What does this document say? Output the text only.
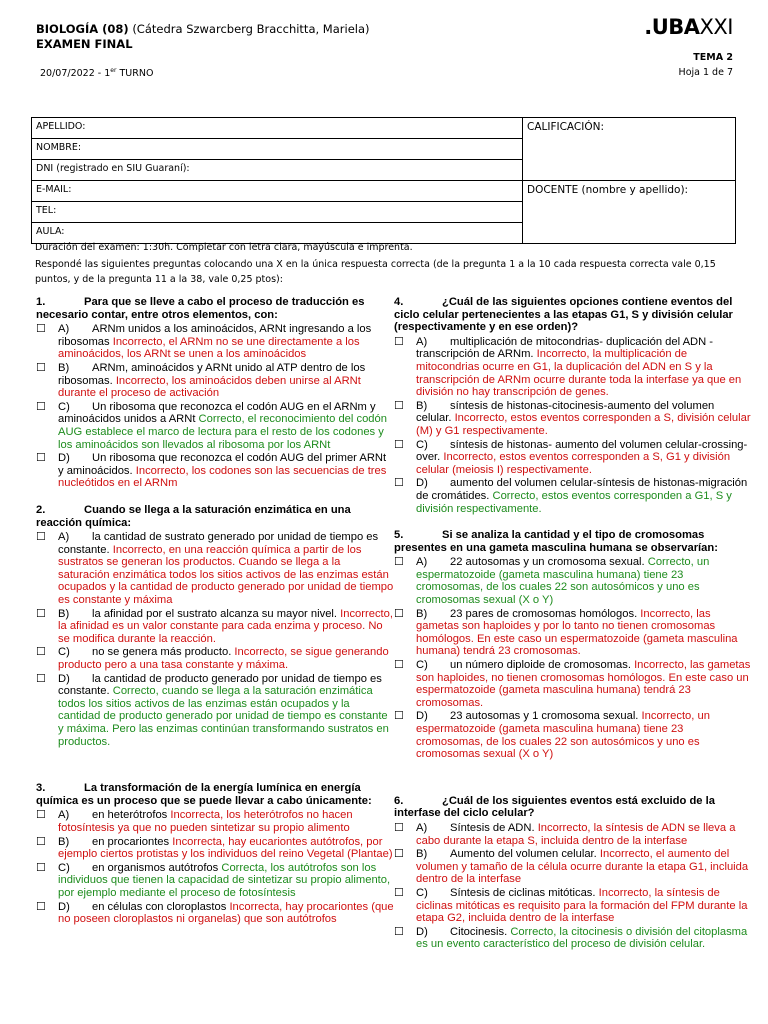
BIOLOGÍA (08) (Cátedra Szwarcberg Bracchitta, Mariela)
EXAMEN FINAL
.UBAXXI
TEMA 2
20/07/2022 - 1er TURNO	Hoja 1 de 7
APELLIDO:	CALIFICACIÓN:
NOMBRE:	
DNI (registrado en SIU Guaraní):	
E-MAIL:	DOCENTE (nombre y apellido):
TEL:	
AULA:	
Duración del examen: 1:30h. Completar con letra clara, mayúscula e imprenta.
Respondé las siguientes preguntas colocando una X en la única respuesta correcta (de la pregunta 1 a la 10 cada respuesta correcta vale 0,15 puntos, y de la pregunta 11 a la 38, vale 0,25 ptos):
1.	Para que se lleve a cabo el proceso de traducción es necesario contar, entre otros elementos, con:
☐ A) ARNm unidos a los aminoácidos, ARNt ingresando a los ribosomas Incorrecto, el ARNm no se une directamente a los aminoácidos, los ARNt se unen a los aminoácidos
☐ B) ARNm, aminoácidos y ARNt unido al ATP dentro de los ribosomas. Incorrecto, los aminoácidos deben unirse al ARNt durante el proceso de activación
☐ C) Un ribosoma que reconozca el codón AUG en el ARNm y aminoácidos unidos a ARNt Correcto, el reconocimiento del codón AUG establece el marco de lectura para el resto de los codones y los aminoácidos son llevados al ribosoma por los ARNt
☐ D) Un ribosoma que reconozca el codón AUG del primer ARNt y aminoácidos. Incorrecto, los codones son las secuencias de tres nucleótidos en el ARNm
2.	Cuando se llega a la saturación enzimática en una reacción química:
☐ A) la cantidad de sustrato generado por unidad de tiempo es constante. Incorrecto, en una reacción química a partir de los sustratos se generan los productos. Cuando se llega a la saturación enzimática todos los sitios activos de las enzimas están ocupados y la cantidad de producto generado por unidad de tiempo es constante y máxima
☐ B) la afinidad por el sustrato alcanza su mayor nivel. Incorrecto, la afinidad es un valor constante para cada enzima y proceso. No se modifica durante la reacción.
☐ C) no se genera más producto. Incorrecto, se sigue generando producto pero a una tasa constante y máxima.
☐ D) la cantidad de producto generado por unidad de tiempo es constante. Correcto, cuando se llega a la saturación enzimática todos los sitios activos de las enzimas están ocupados y la cantidad de producto generado por unidad de tiempo es constante y máxima. Pero las enzimas continúan transformando sustratos en productos.
3.	La transformación de la energía lumínica en energía química es un proceso que se puede llevar a cabo únicamente:
☐ A) en heterótrofos Incorrecta, los heterótrofos no hacen fotosíntesis ya que no pueden sintetizar su propio alimento
☐ B) en procariontes Incorrecta, hay eucariontes autótrofos, por ejemplo ciertos protistas y los individuos del reino Vegetal (Plantae)
☐ C) en organismos autótrofos Correcta, los autótrofos son los individuos que tienen la capacidad de sintetizar su propio alimento, por ejemplo mediante el proceso de fotosíntesis
☐ D) en células con cloroplastos Incorrecta, hay procariontes (que no poseen cloroplastos ni organelas) que son autótrofos
4.	¿Cuál de las siguientes opciones contiene eventos del ciclo celular pertenecientes a las etapas G1, S y división celular (respectivamente y en ese orden)?
☐ A) multiplicación de mitocondrias- duplicación del ADN - transcripción de ARNm. Incorrecto, la multiplicación de mitocondrias ocurre en G1, la duplicación del ADN en S y la transcripción de ARNm ocurre durante toda la interfase ya que en división no hay transcripción de genes.
☐ B) síntesis de histonas-citocinesis-aumento del volumen celular. Incorrecto, estos eventos corresponden a S, división celular (M) y G1 respectivamente.
☐ C) síntesis de histonas- aumento del volumen celular-crossing-over. Incorrecto, estos eventos corresponden a S, G1 y división celular (meiosis I) respectivamente.
☐ D) aumento del volumen celular-síntesis de histonas-migración de cromátides. Correcto, estos eventos corresponden a G1, S y división respectivamente.
5.	Si se analiza la cantidad y el tipo de cromosomas presentes en una gameta masculina humana se observarían:
☐ A) 22 autosomas y un cromosoma sexual. Correcto, un espermatozoide (gameta masculina humana) tiene 23 cromosomas, de los cuales 22 son autosómicos y uno es cromosomas sexual (X o Y)
☐ B) 23 pares de cromosomas homólogos. Incorrecto, las gametas son haploides y por lo tanto no tienen cromosomas homólogos. En este caso un espermatozoide (gameta masculina humana) tendrá 23 cromosomas.
☐ C) un número diploide de cromosomas. Incorrecto, las gametas son haploides, no tienen cromosomas homólogos. En este caso un espermatozoide (gameta masculina humana) tendrá 23 cromosomas.
☐ D) 23 autosomas y 1 cromosoma sexual. Incorrecto, un espermatozoide (gameta masculina humana) tiene 23 cromosomas, de los cuales 22 son autosómicos y uno es cromosomas sexual (X o Y)
6.	¿Cuál de los siguientes eventos está excluido de la interfase del ciclo celular?
☐ A) Síntesis de ADN. Incorrecto, la síntesis de ADN se lleva a cabo durante la etapa S, incluida dentro de la interfase
☐ B) Aumento del volumen celular. Incorrecto, el aumento del volumen y tamaño de la célula ocurre durante la etapa G1, incluida dentro de la interfase
☐ C) Síntesis de ciclinas mitóticas. Incorrecto, la síntesis de ciclinas mitóticas es requisito para la formación del FPM durante la etapa G2, incluida dentro de la interfase
☐ D) Citocinesis. Correcto, la citocinesis o división del citoplasma es un evento característico del proceso de división celular.
